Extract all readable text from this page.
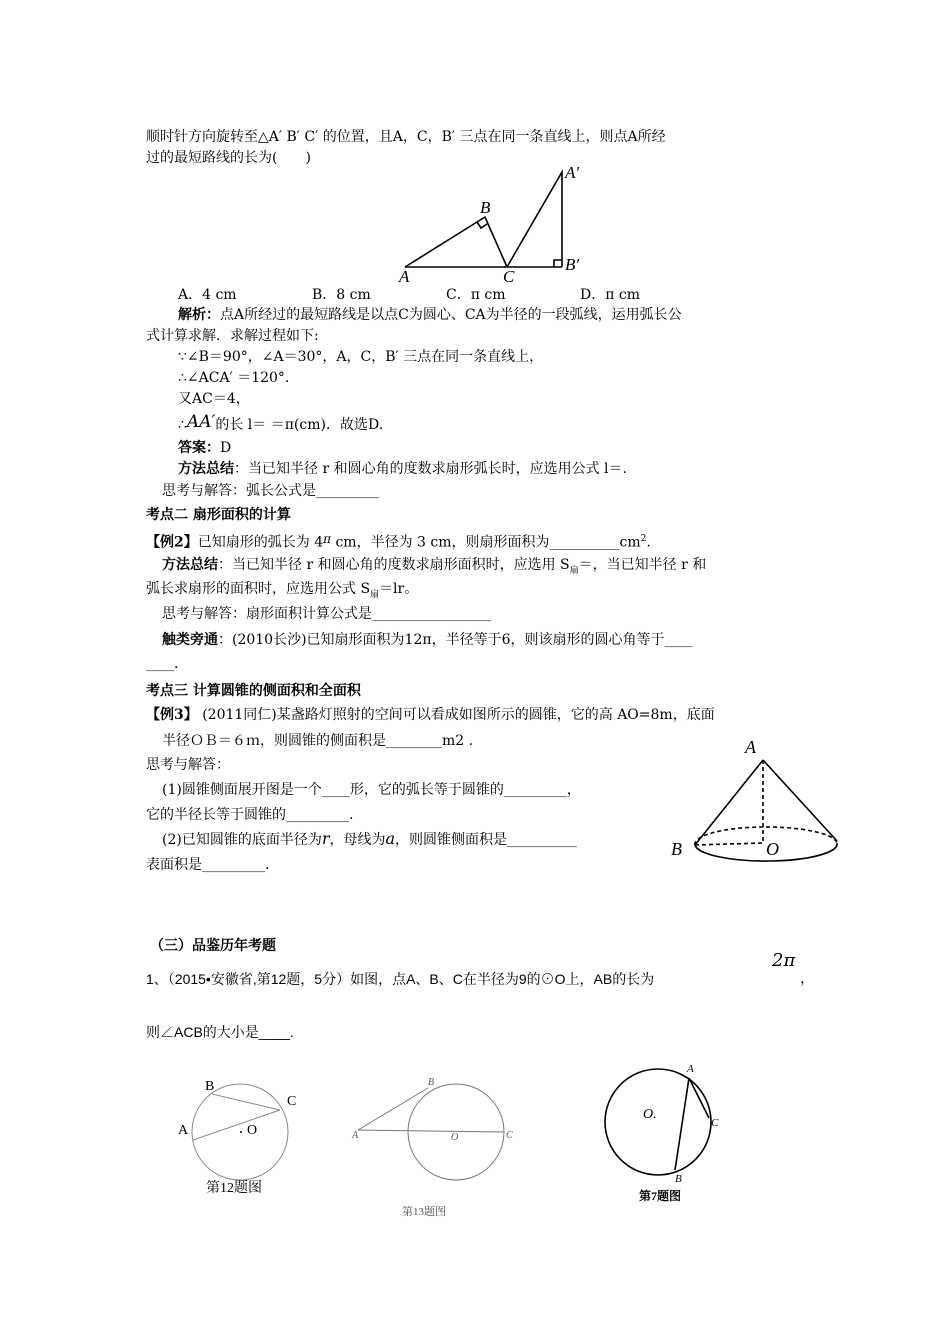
顺时针方向旋转至△A′ B′ C′ 的位置，且A，C，B′ 三点在同一条直线上，则点A所经
过的最短路线的长为(　　)
A
B
C
A′
B′
A．4 cm	B．8 cm	C．π cm	D．π cm
解析：点A所经过的最短路线是以点C为圆心、CA为半径的一段弧线，运用弧长公
式计算求解．求解过程如下:
∵∠B＝90°，∠A＝30°，A，C，B′ 三点在同一条直线上，
∴∠ACA′ ＝120°.
又AC＝4，
∴AA′的长 l＝ ＝π(cm)．故选D.
答案：D
方法总结：当已知半径 r 和圆心角的度数求扇形弧长时，应选用公式 l＝.
思考与解答：弧长公式是_________
考点二 扇形面积的计算
【例2】已知扇形的弧长为 4π cm，半径为 3 cm，则扇形面积为$\_\_\_\_\_\_\_\_\_\_cm^2$.
方法总结：当已知半径 r 和圆心角的度数求扇形面积时，应选用 $S_扇=$，当已知半径 r 和
弧长求扇形的面积时，应选用公式 $S_扇=lr$。
思考与解答：扇形面积计算公式是_________________
触类旁通：(2010长沙)已知扇形面积为12π，半径等于6，则该扇形的圆心角等于____
____.
考点三 计算圆锥的侧面积和全面积
【例3】 (2011同仁)某盏路灯照射的空间可以看成如图所示的圆锥，它的高 AO=8m，底面
半径ＯＢ＝６ｍ，则圆锥的侧面积是________m2 .
思考与解答：
(1)圆锥侧面展开图是一个____形，它的弧长等于圆锥的_________，
它的半径长等于圆锥的_________.
(2)已知圆锥的底面半径为r，母线为a，则圆锥侧面积是__________
表面积是_________.
A
B	O
（三）品鉴历年考题
1、（2015•安徽省,第12题，5分）如图，点A、B、C在半径为9的⊙O上，AB的长为
2π
，
则∠ACB的大小是____.
B
A
C
O
第12题图
B
A	C
O
第13题图
A
C
B
O.
第7题图
